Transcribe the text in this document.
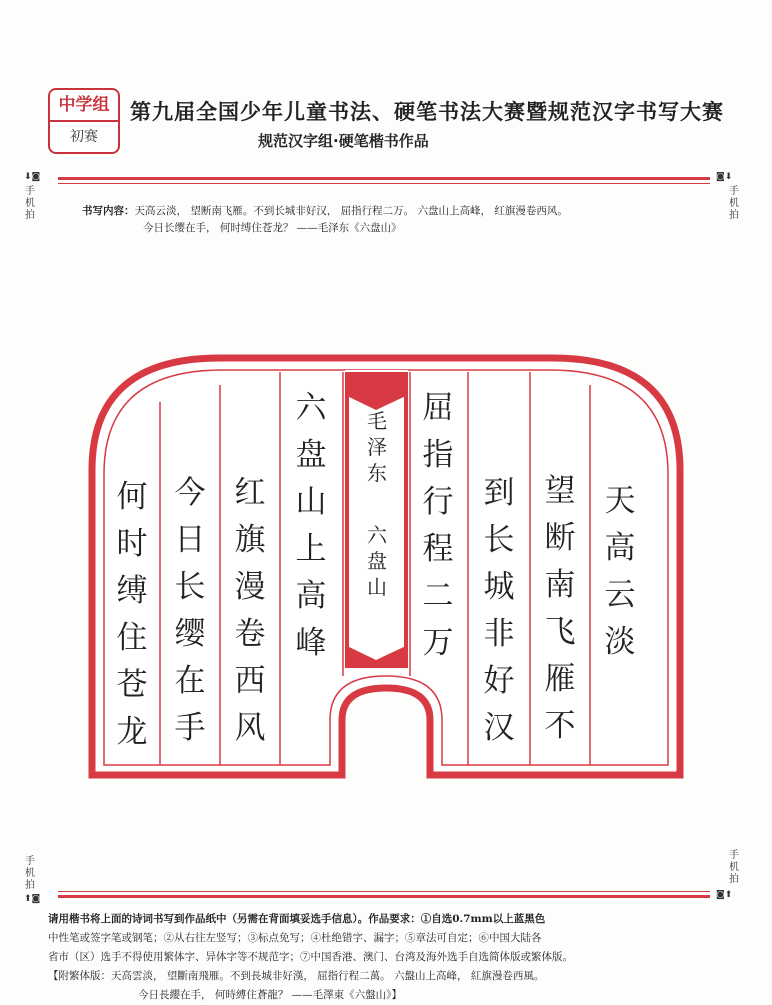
中学组
初赛
第九届全国少年儿童书法、硬笔书法大赛暨规范汉字书写大赛
规范汉字组·硬笔楷书作品
⬇◙
手机拍
◙⬇
手机拍
书写内容：天高云淡， 望断南飞雁。不到长城非好汉， 屈指行程二万。 六盘山上高峰， 红旗漫卷西风。
今日长缨在手， 何时缚住苍龙？ ——毛泽东《六盘山》
天
高
云
淡
望
断
南
飞
雁
不
到
长
城
非
好
汉
屈
指
行
程
二
万
毛
泽
东
六
盘
山
六
盘
山
上
高
峰
红
旗
漫
卷
西
风
今
日
长
缨
在
手
何
时
缚
住
苍
龙
手机拍
⬆◙
手机拍
◙⬆

请用楷书将上面的诗词书写到作品纸中（另需在背面填妥选手信息）。作品要求：①自选0.7mm以上蓝黑色

中性笔或签字笔或钢笔；②从右往左竖写；③标点免写；④杜绝错字、漏字；⑤章法可自定；⑥中国大陆各

省市（区）选手不得使用繁体字、异体字等不规范字；⑦中国香港、澳门、台湾及海外选手自选简体版或繁体版。

【附繁体版：天高雲淡， 望斷南飛雁。不到長城非好漢， 屈指行程二萬。 六盤山上高峰， 紅旗漫卷西風。

今日長纓在手， 何時縛住蒼龍？ ——毛澤東《六盤山》】
